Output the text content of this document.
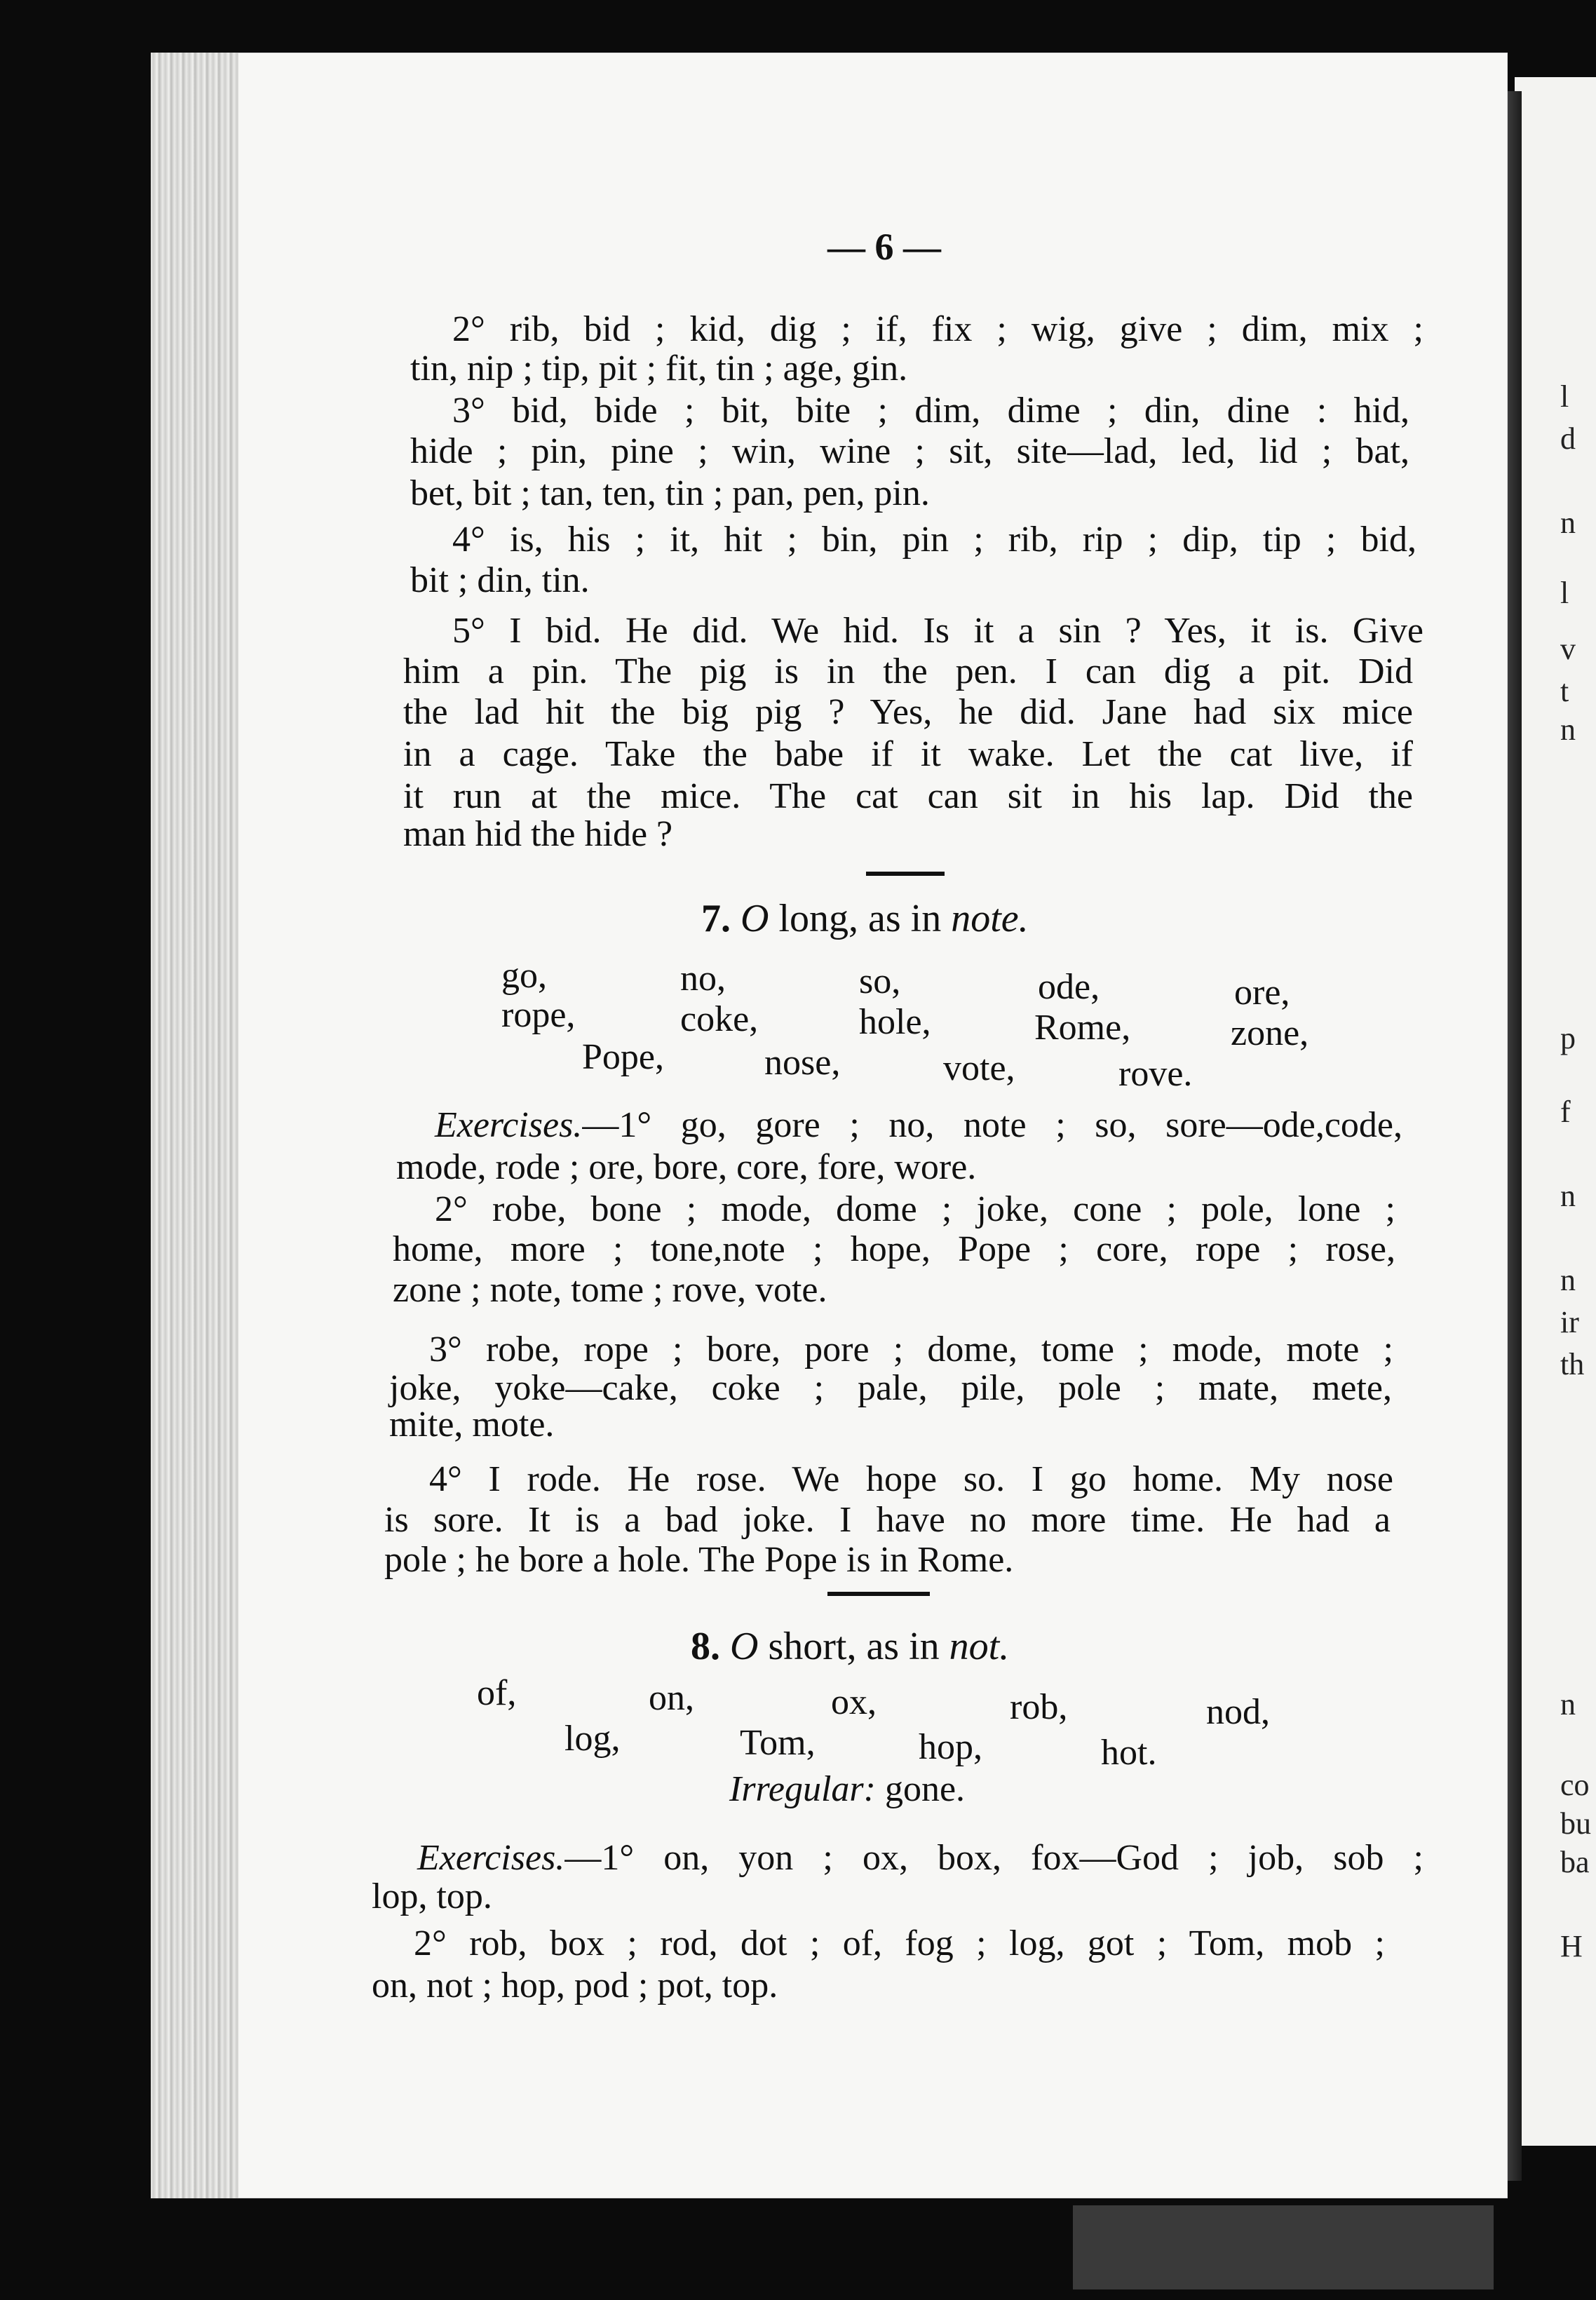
— 6 —
2° rib, bid ; kid, dig ; if, fix ; wig, give ; dim, mix ;
tin, nip ; tip, pit ; fit, tin ; age, gin.
3° bid, bide ; bit, bite ; dim, dime ; din, dine : hid,
hide ; pin, pine ; win, wine ; sit, site—lad, led, lid ; bat,
bet, bit ; tan, ten, tin ; pan, pen, pin.
4° is, his ; it, hit ; bin, pin ; rib, rip ; dip, tip ; bid,
bit ; din, tin.
5° I bid. He did. We hid. Is it a sin ? Yes, it is. Give
him a pin. The pig is in the pen. I can dig a pit. Did
the lad hit the big pig ? Yes, he did. Jane had six mice
in a cage. Take the babe if it wake. Let the cat live, if
it run at the mice. The cat can sit in his lap. Did the
man hid the hide ?
7. O long, as in note.
go,	no,	so,	ode,	ore,
rope,	coke,	hole,	Rome,	zone,
Pope,	nose,	vote,	rove.
Exercises.—1° go, gore ; no, note ; so, sore—ode,code,
mode, rode ; ore, bore, core, fore, wore.
2° robe, bone ; mode, dome ; joke, cone ; pole, lone ;
home, more ; tone,note ; hope, Pope ; core, rope ; rose,
zone ; note, tome ; rove, vote.
3° robe, rope ; bore, pore ; dome, tome ; mode, mote ;
joke, yoke—cake, coke ; pale, pile, pole ; mate, mete,
mite, mote.
4° I rode. He rose. We hope so. I go home. My nose
is sore. It is a bad joke. I have no more time. He had a
pole ; he bore a hole. The Pope is in Rome.
8. O short, as in not.
of,	on,	ox,	rob,	nod,
log,	Tom,	hop,	hot.
Irregular: gone.
Exercises.—1° on, yon ; ox, box, fox—God ; job, sob ;
lop, top.
2° rob, box ; rod, dot ; of, fog ; log, got ; Tom, mob ;
on, not ; hop, pod ; pot, top.
l
d
n
l
v
t
n
p
f
n
n
ir
th
n
co
bu
ba
H
